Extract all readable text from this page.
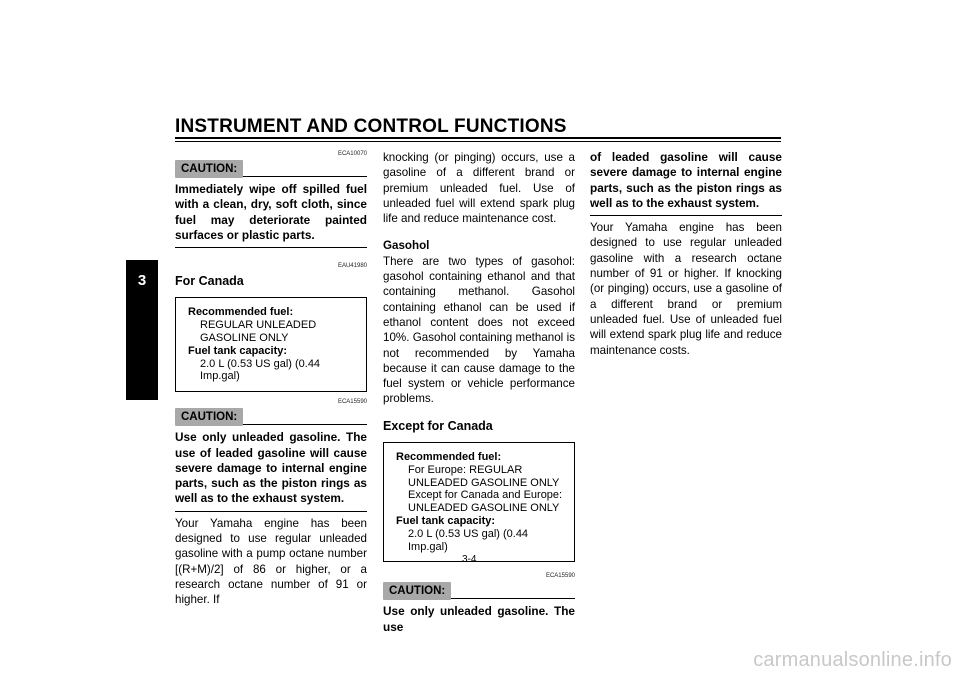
INSTRUMENT AND CONTROL FUNCTIONS
3
ECA10070
CAUTION:
Immediately wipe off spilled fuel with a clean, dry, soft cloth, since fuel may deteriorate painted surfaces or plastic parts.
EAU41980
For Canada
Recommended fuel:
REGULAR UNLEADED GASOLINE ONLY
Fuel tank capacity:
2.0 L (0.53 US gal) (0.44 Imp.gal)
ECA15590
CAUTION:
Use only unleaded gasoline. The use of leaded gasoline will cause severe damage to internal engine parts, such as the piston rings as well as to the exhaust system.

Your Yamaha engine has been designed to use regular unleaded gasoline with a pump octane number [(R+M)/2] of 86 or higher, or a research octane number of 91 or higher. If

knocking (or pinging) occurs, use a gasoline of a different brand or premium unleaded fuel. Use of unleaded fuel will extend spark plug life and reduce maintenance cost.

Gasohol

There are two types of gasohol: gasohol containing ethanol and that containing methanol. Gasohol containing ethanol can be used if ethanol content does not exceed 10%. Gasohol containing methanol is not recommended by Yamaha because it can cause damage to the fuel system or vehicle performance problems.

Except for Canada
Recommended fuel:
For Europe: REGULAR UNLEADED GASOLINE ONLY
Except for Canada and Europe: UNLEADED GASOLINE ONLY
Fuel tank capacity:
2.0 L (0.53 US gal) (0.44 Imp.gal)
ECA15590
CAUTION:
Use only unleaded gasoline. The use
of leaded gasoline will cause severe damage to internal engine parts, such as the piston rings as well as to the exhaust system.

Your Yamaha engine has been designed to use regular unleaded gasoline with a research octane number of 91 or higher. If knocking (or pinging) occurs, use a gasoline of a different brand or premium unleaded fuel. Use of unleaded fuel will extend spark plug life and reduce maintenance costs.

3-4
carmanualsonline.info
